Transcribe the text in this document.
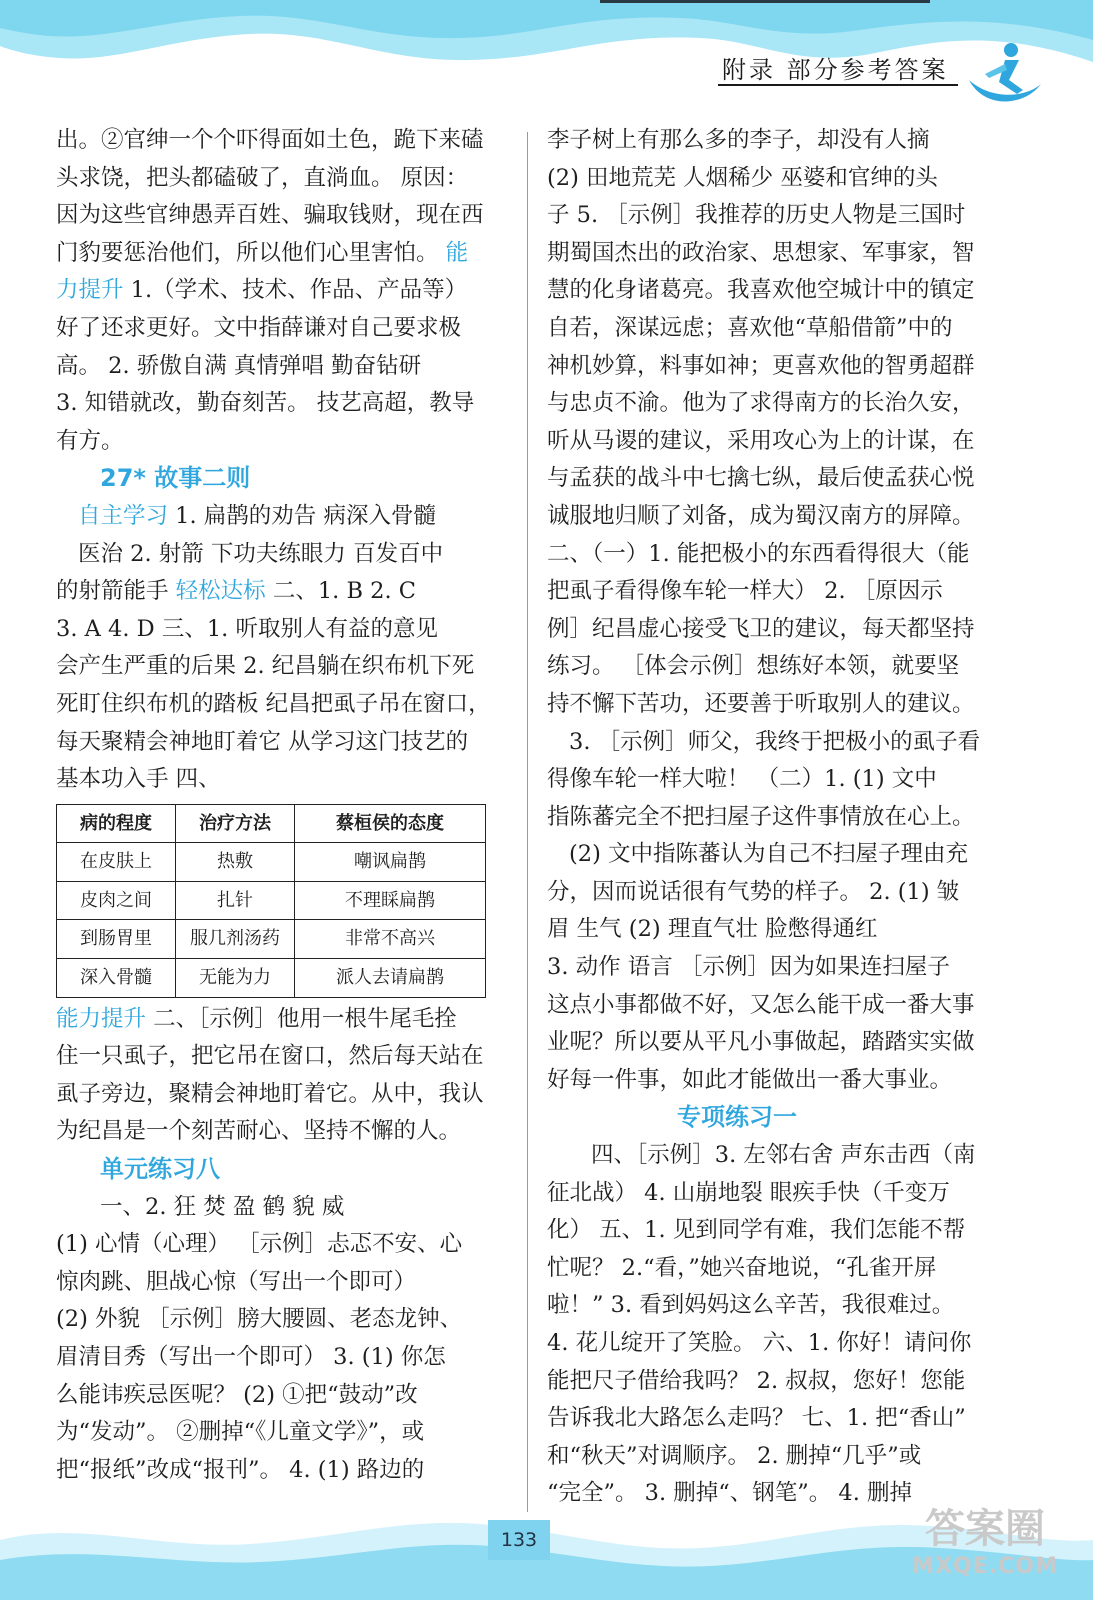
附录 部分参考答案

出。②官绅一个个吓得面如土色，跪下来磕

头求饶，把头都磕破了，直淌血。 原因：

因为这些官绅愚弄百姓、骗取钱财，现在西

门豹要惩治他们，所以他们心里害怕。 能

力提升 1.（学术、技术、作品、产品等）

好了还求更好。文中指薛谦对自己要求极

高。 2. 骄傲自满 真情弹唱 勤奋钻研

3. 知错就改，勤奋刻苦。 技艺高超，教导

有方。

27* 故事二则

自主学习 1. 扁鹊的劝告 病深入骨髓

医治 2. 射箭 下功夫练眼力 百发百中

的射箭能手 轻松达标 二、1. B 2. C

3. A 4. D 三、1. 听取别人有益的意见

会产生严重的后果 2. 纪昌躺在织布机下死

死盯住织布机的踏板 纪昌把虱子吊在窗口，

每天聚精会神地盯着它 从学习这门技艺的

基本功入手 四、

病的程度	治疗方法	蔡桓侯的态度
在皮肤上	热敷	嘲讽扁鹊
皮肉之间	扎针	不理睬扁鹊
到肠胃里	服几剂汤药	非常不高兴
深入骨髓	无能为力	派人去请扁鹊

能力提升 二、［示例］他用一根牛尾毛拴

住一只虱子，把它吊在窗口，然后每天站在

虱子旁边，聚精会神地盯着它。从中，我认

为纪昌是一个刻苦耐心、坚持不懈的人。

单元练习八

一、2. 狂 焚 盈 鹤 貌 威

(1) 心情（心理） ［示例］忐忑不安、心

惊肉跳、胆战心惊（写出一个即可）

(2) 外貌 ［示例］膀大腰圆、老态龙钟、

眉清目秀（写出一个即可） 3. (1) 你怎

么能讳疾忌医呢？ (2) ①把“鼓动”改

为“发动”。 ②删掉“《儿童文学》”，或

把“报纸”改成“报刊”。 4. (1) 路边的

李子树上有那么多的李子，却没有人摘

(2) 田地荒芜 人烟稀少 巫婆和官绅的头

子 5. ［示例］我推荐的历史人物是三国时

期蜀国杰出的政治家、思想家、军事家，智

慧的化身诸葛亮。我喜欢他空城计中的镇定

自若，深谋远虑；喜欢他“草船借箭”中的

神机妙算，料事如神；更喜欢他的智勇超群

与忠贞不渝。他为了求得南方的长治久安，

听从马谡的建议，采用攻心为上的计谋，在

与孟获的战斗中七擒七纵，最后使孟获心悦

诚服地归顺了刘备，成为蜀汉南方的屏障。

二、（一）1. 能把极小的东西看得很大（能

把虱子看得像车轮一样大） 2. ［原因示

例］纪昌虚心接受飞卫的建议，每天都坚持

练习。 ［体会示例］想练好本领，就要坚

持不懈下苦功，还要善于听取别人的建议。

3. ［示例］师父，我终于把极小的虱子看

得像车轮一样大啦！ （二）1. (1) 文中

指陈蕃完全不把扫屋子这件事情放在心上。

(2) 文中指陈蕃认为自己不扫屋子理由充

分，因而说话很有气势的样子。 2. (1) 皱

眉 生气 (2) 理直气壮 脸憋得通红

3. 动作 语言 ［示例］因为如果连扫屋子

这点小事都做不好，又怎么能干成一番大事

业呢？所以要从平凡小事做起，踏踏实实做

好每一件事，如此才能做出一番大事业。

专项练习一

四、［示例］3. 左邻右舍 声东击西（南

征北战） 4. 山崩地裂 眼疾手快（千变万

化） 五、1. 见到同学有难，我们怎能不帮

忙呢？ 2.“看，”她兴奋地说，“孔雀开屏

啦！” 3. 看到妈妈这么辛苦，我很难过。

4. 花儿绽开了笑脸。 六、1. 你好！请问你

能把尺子借给我吗？ 2. 叔叔，您好！您能

告诉我北大路怎么走吗？ 七、1. 把“香山”

和“秋天”对调顺序。 2. 删掉“几乎”或

“完全”。 3. 删掉“、钢笔”。 4. 删掉

133	答案圈
MXQE.COM
